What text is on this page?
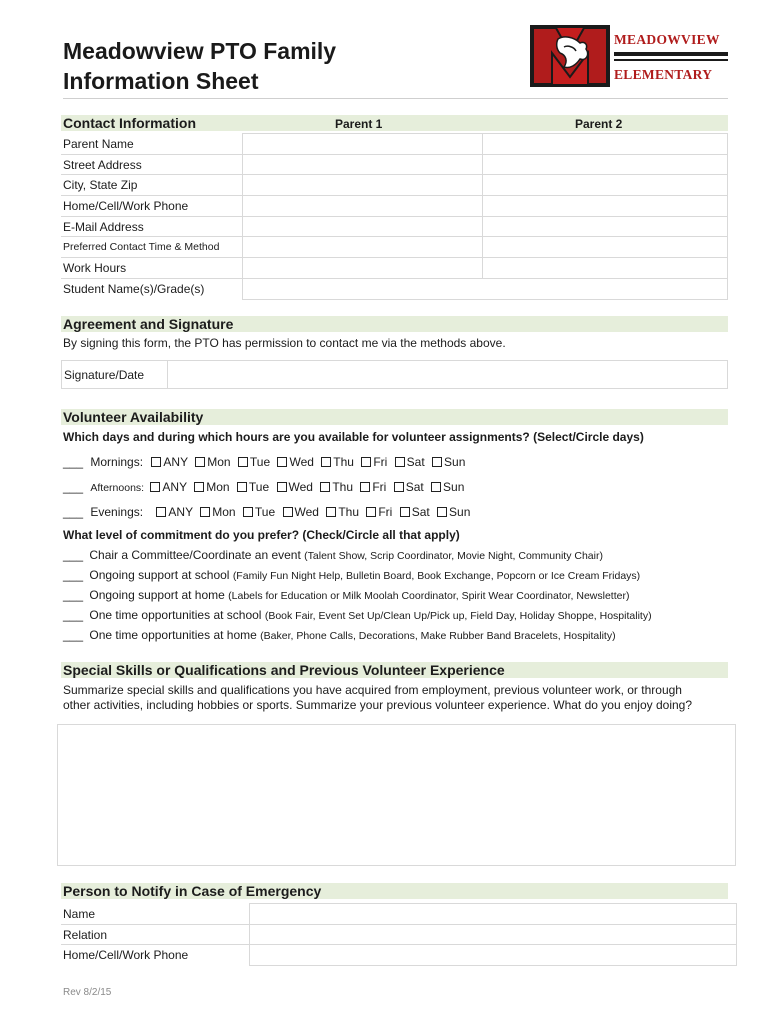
Meadowview PTO Family
Information Sheet
MEADOWVIEW
ELEMENTARY
Contact Information	Parent 1	Parent 2
Parent Name		
Street Address		
City, State Zip		
Home/Cell/Work Phone		
E-Mail Address		
Preferred Contact Time & Method		
Work Hours		
Student Name(s)/Grade(s)		
Agreement and Signature
By signing this form, the PTO has permission to contact me via the methods above.
Signature/Date	
Volunteer Availability
Which days and during which hours are you available for volunteer assignments? (Select/Circle days)
___ Mornings: ANY Mon Tue Wed Thu Fri Sat Sun
___ Afternoons: ANY Mon Tue Wed Thu Fri Sat Sun
___ Evenings: ANY Mon Tue Wed Thu Fri Sat Sun
What level of commitment do you prefer? (Check/Circle all that apply)
___ Chair a Committee/Coordinate an event (Talent Show, Scrip Coordinator, Movie Night, Community Chair)
___ Ongoing support at school (Family Fun Night Help, Bulletin Board, Book Exchange, Popcorn or Ice Cream Fridays)
___ Ongoing support at home (Labels for Education or Milk Moolah Coordinator, Spirit Wear Coordinator, Newsletter)
___ One time opportunities at school (Book Fair, Event Set Up/Clean Up/Pick up, Field Day, Holiday Shoppe, Hospitality)
___ One time opportunities at home (Baker, Phone Calls, Decorations, Make Rubber Band Bracelets, Hospitality)
Special Skills or Qualifications and Previous Volunteer Experience
Summarize special skills and qualifications you have acquired from employment, previous volunteer work, or through
other activities, including hobbies or sports. Summarize your previous volunteer experience. What do you enjoy doing?
Person to Notify in Case of Emergency
Name	
Relation	
Home/Cell/Work Phone	
Rev 8/2/15
